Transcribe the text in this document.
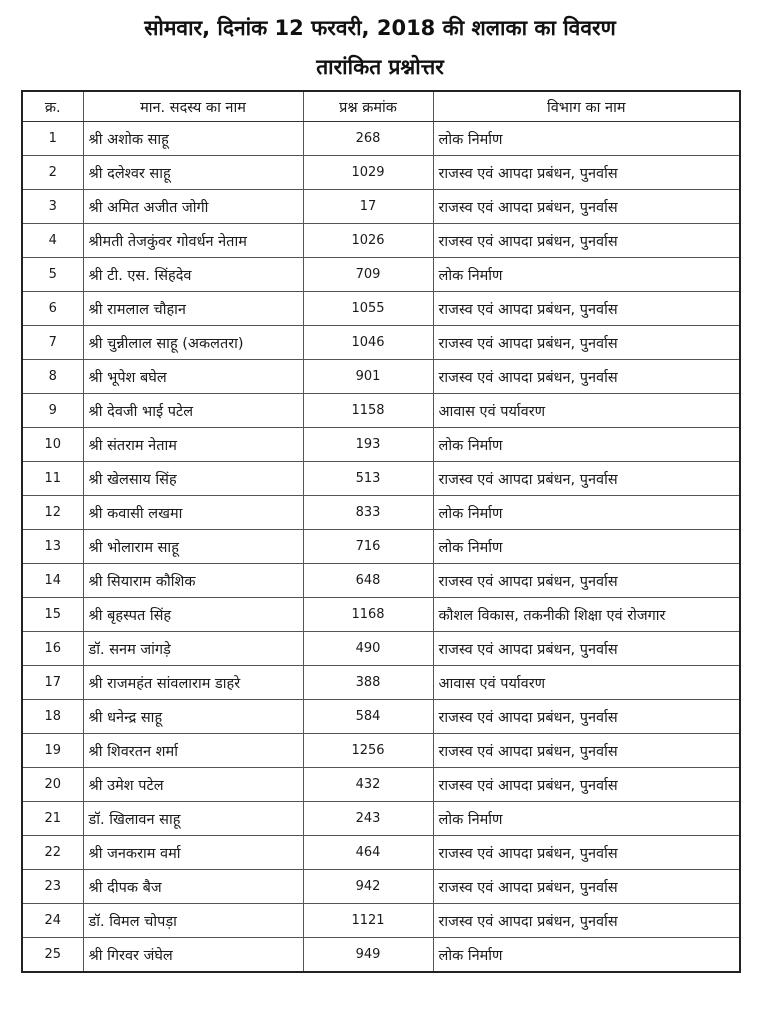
सोमवार, दिनांक 12 फरवरी, 2018 की शलाका का विवरण
तारांकित प्रश्नोत्तर
क्र.	मान. सदस्य का नाम	प्रश्न क्रमांक	विभाग का नाम
1	श्री अशोक साहू	268	लोक निर्माण
2	श्री दलेश्वर साहू	1029	राजस्व एवं आपदा प्रबंधन, पुनर्वास
3	श्री अमित अजीत जोगी	17	राजस्व एवं आपदा प्रबंधन, पुनर्वास
4	श्रीमती तेजकुंवर गोवर्धन नेताम	1026	राजस्व एवं आपदा प्रबंधन, पुनर्वास
5	श्री टी. एस. सिंहदेव	709	लोक निर्माण
6	श्री रामलाल चौहान	1055	राजस्व एवं आपदा प्रबंधन, पुनर्वास
7	श्री चुन्नीलाल साहू (अकलतरा)	1046	राजस्व एवं आपदा प्रबंधन, पुनर्वास
8	श्री भूपेश बघेल	901	राजस्व एवं आपदा प्रबंधन, पुनर्वास
9	श्री देवजी भाई पटेल	1158	आवास एवं पर्यावरण
10	श्री संतराम नेताम	193	लोक निर्माण
11	श्री खेलसाय सिंह	513	राजस्व एवं आपदा प्रबंधन, पुनर्वास
12	श्री कवासी लखमा	833	लोक निर्माण
13	श्री भोलाराम साहू	716	लोक निर्माण
14	श्री सियाराम कौशिक	648	राजस्व एवं आपदा प्रबंधन, पुनर्वास
15	श्री बृहस्पत सिंह	1168	कौशल विकास, तकनीकी शिक्षा एवं रोजगार
16	डॉ. सनम जांगड़े	490	राजस्व एवं आपदा प्रबंधन, पुनर्वास
17	श्री राजमहंत सांवलाराम डाहरे	388	आवास एवं पर्यावरण
18	श्री धनेन्द्र साहू	584	राजस्व एवं आपदा प्रबंधन, पुनर्वास
19	श्री शिवरतन शर्मा	1256	राजस्व एवं आपदा प्रबंधन, पुनर्वास
20	श्री उमेश पटेल	432	राजस्व एवं आपदा प्रबंधन, पुनर्वास
21	डॉ. खिलावन साहू	243	लोक निर्माण
22	श्री जनकराम वर्मा	464	राजस्व एवं आपदा प्रबंधन, पुनर्वास
23	श्री दीपक बैज	942	राजस्व एवं आपदा प्रबंधन, पुनर्वास
24	डॉ. विमल चोपड़ा	1121	राजस्व एवं आपदा प्रबंधन, पुनर्वास
25	श्री गिरवर जंघेल	949	लोक निर्माण
